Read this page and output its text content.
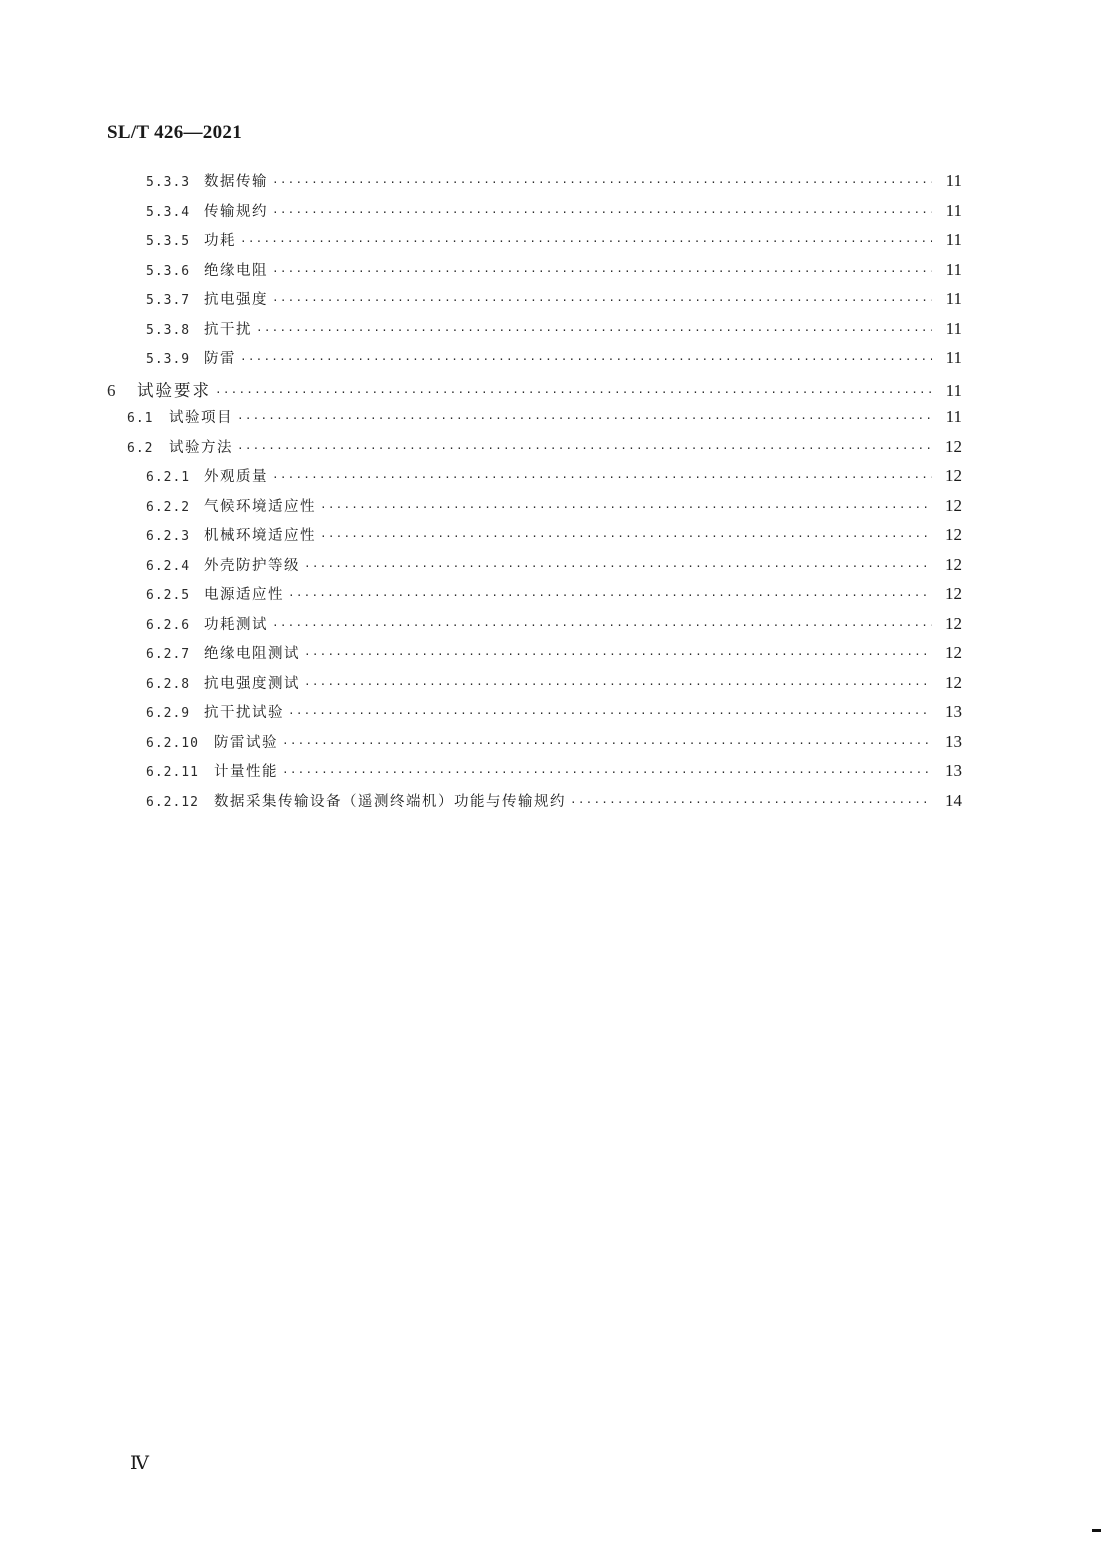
SL/T 426—2021
5.3.3 数据传输 ·····	11
5.3.4 传输规约 ·····	11
5.3.5 功耗 ·····	11
5.3.6 绝缘电阻 ·····	11
5.3.7 抗电强度 ·····	11
5.3.8 抗干扰 ·····	11
5.3.9 防雷 ·····	11
6	试验要求 ·····	11
6.1	试验项目 ·····	11
6.2	试验方法 ·····	12
6.2.1 外观质量 ·····	12
6.2.2 气候环境适应性 ·····	12
6.2.3 机械环境适应性 ·····	12
6.2.4 外壳防护等级 ·····	12
6.2.5 电源适应性 ·····	12
6.2.6 功耗测试 ·····	12
6.2.7 绝缘电阻测试 ·····	12
6.2.8 抗电强度测试 ·····	12
6.2.9 抗干扰试验 ·····	13
6.2.10	防雷试验 ·····	13
6.2.11	计量性能 ·····	13
6.2.12	数据采集传输设备（遥测终端机）功能与传输规约 ·····	14
Ⅳ
